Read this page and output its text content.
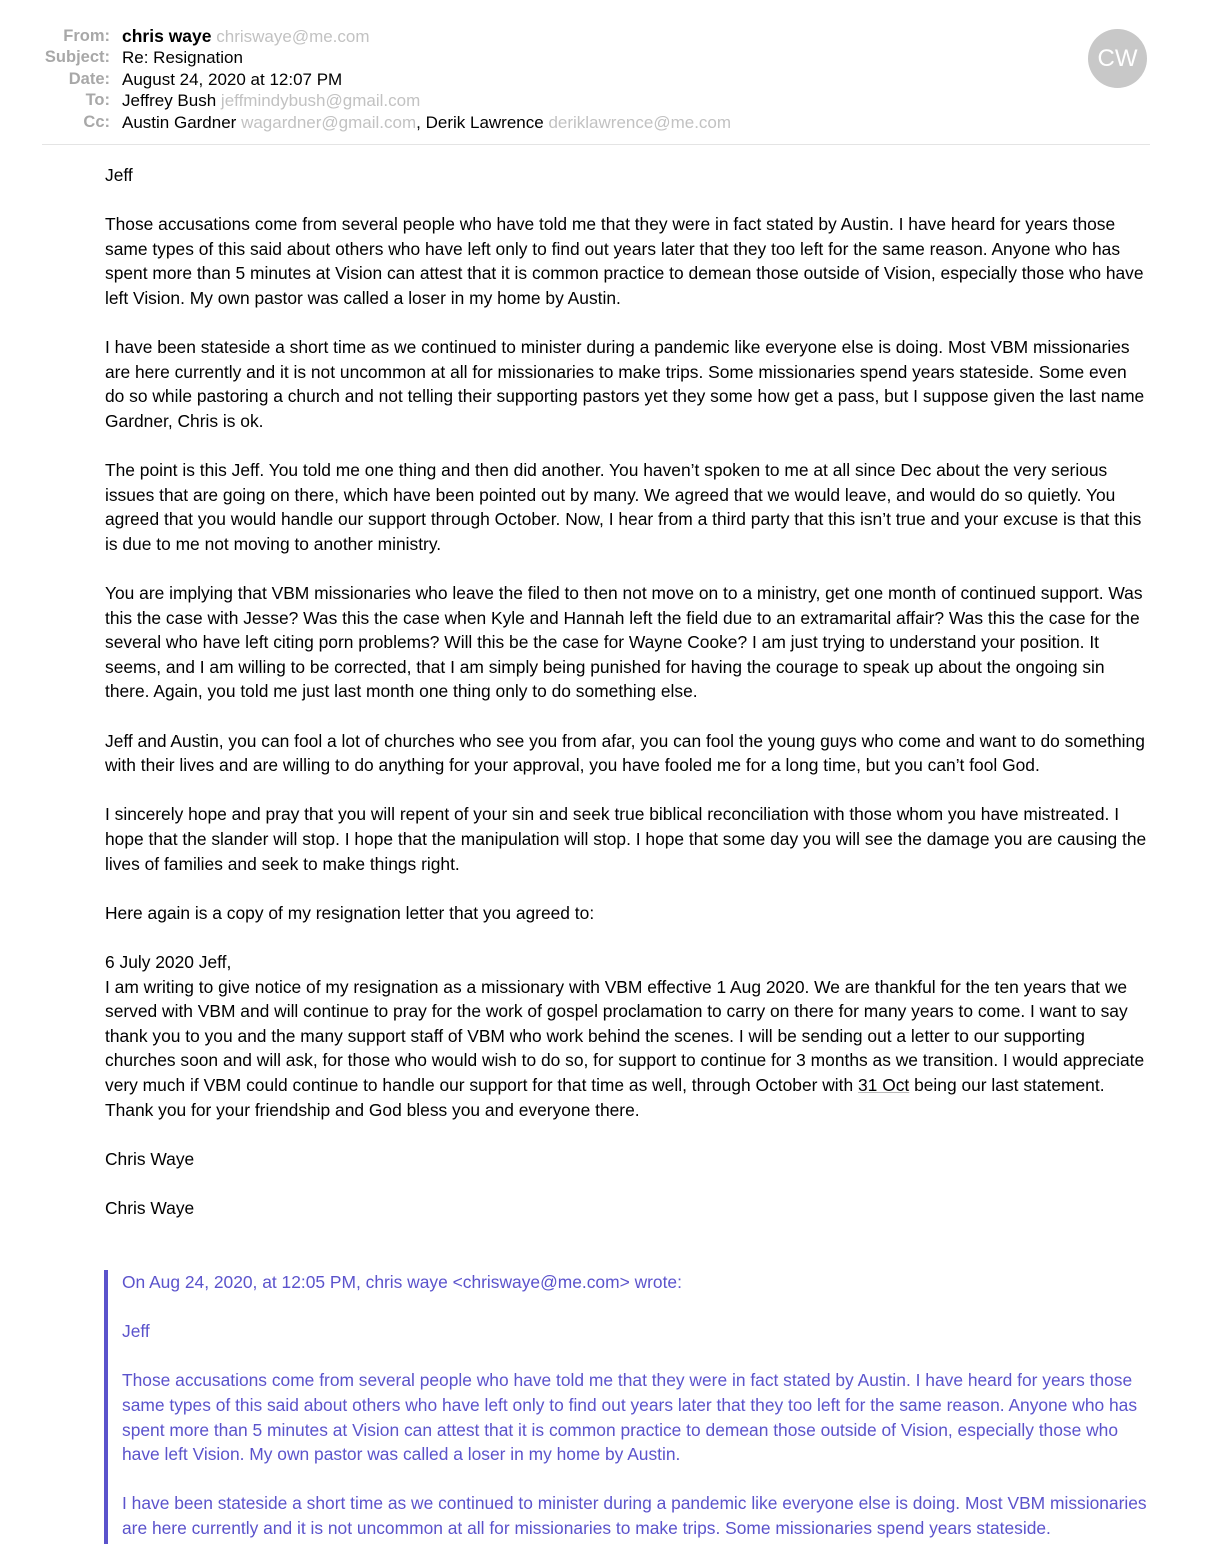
From: chris waye chriswaye@me.com
Subject: Re: Resignation
Date: August 24, 2020 at 12:07 PM
To: Jeffrey Bush jeffmindybush@gmail.com
Cc: Austin Gardner wagardner@gmail.com, Derik Lawrence deriklawrence@me.com
CW

Jeff

Those accusations come from several people who have told me that they were in fact stated by Austin. I have heard for years those same types of this said about others who have left only to find out years later that they too left for the same reason. Anyone who has spent more than 5 minutes at Vision can attest that it is common practice to demean those outside of Vision, especially those who have left Vision. My own pastor was called a loser in my home by Austin.

I have been stateside a short time as we continued to minister during a pandemic like everyone else is doing. Most VBM missionaries are here currently and it is not uncommon at all for missionaries to make trips. Some missionaries spend years stateside. Some even do so while pastoring a church and not telling their supporting pastors yet they some how get a pass, but I suppose given the last name Gardner, Chris is ok.

The point is this Jeff. You told me one thing and then did another. You haven’t spoken to me at all since Dec about the very serious issues that are going on there, which have been pointed out by many. We agreed that we would leave, and would do so quietly. You agreed that you would handle our support through October. Now, I hear from a third party that this isn’t true and your excuse is that this is due to me not moving to another ministry.

You are implying that VBM missionaries who leave the filed to then not move on to a ministry, get one month of continued support. Was this the case with Jesse? Was this the case when Kyle and Hannah left the field due to an extramarital affair? Was this the case for the several who have left citing porn problems? Will this be the case for Wayne Cooke? I am just trying to understand your position. It seems, and I am willing to be corrected, that I am simply being punished for having the courage to speak up about the ongoing sin there. Again, you told me just last month one thing only to do something else.

Jeff and Austin, you can fool a lot of churches who see you from afar, you can fool the young guys who come and want to do something with their lives and are willing to do anything for your approval, you have fooled me for a long time, but you can’t fool God.

I sincerely hope and pray that you will repent of your sin and seek true biblical reconciliation with those whom you have mistreated. I hope that the slander will stop. I hope that the manipulation will stop. I hope that some day you will see the damage you are causing the lives of families and seek to make things right.

Here again is a copy of my resignation letter that you agreed to:

6 July 2020 Jeff,

I am writing to give notice of my resignation as a missionary with VBM effective 1 Aug 2020. We are thankful for the ten years that we served with VBM and will continue to pray for the work of gospel proclamation to carry on there for many years to come. I want to say thank you to you and the many support staff of VBM who work behind the scenes. I will be sending out a letter to our supporting churches soon and will ask, for those who would wish to do so, for support to continue for 3 months as we transition. I would appreciate very much if VBM could continue to handle our support for that time as well, through October with 31 Oct being our last statement. Thank you for your friendship and God bless you and everyone there.

Chris Waye

Chris Waye

On Aug 24, 2020, at 12:05 PM, chris waye <chriswaye@me.com> wrote:

Jeff

Those accusations come from several people who have told me that they were in fact stated by Austin. I have heard for years those same types of this said about others who have left only to find out years later that they too left for the same reason. Anyone who has spent more than 5 minutes at Vision can attest that it is common practice to demean those outside of Vision, especially those who have left Vision. My own pastor was called a loser in my home by Austin.

I have been stateside a short time as we continued to minister during a pandemic like everyone else is doing. Most VBM missionaries are here currently and it is not uncommon at all for missionaries to make trips. Some missionaries spend years stateside.
